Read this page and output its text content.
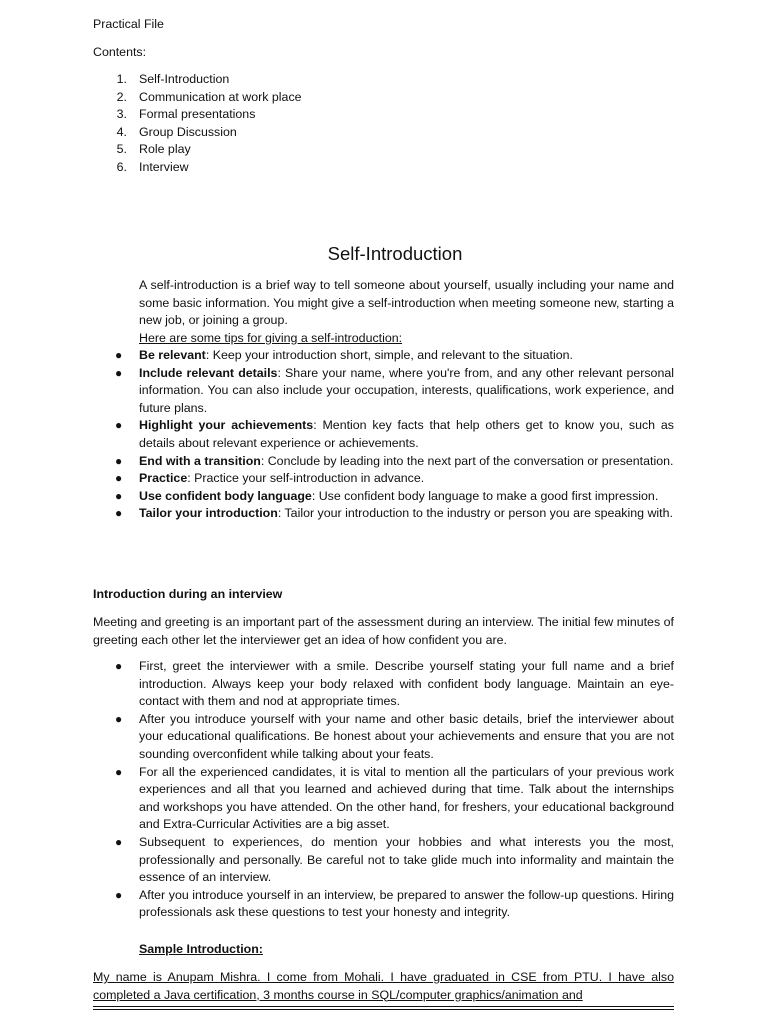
Practical File
Contents:
1. Self-Introduction
2. Communication at work place
3. Formal presentations
4. Group Discussion
5. Role play
6. Interview
Self-Introduction
A self-introduction is a brief way to tell someone about yourself, usually including your name and some basic information. You might give a self-introduction when meeting someone new, starting a new job, or joining a group.
Here are some tips for giving a self-introduction:
● Be relevant: Keep your introduction short, simple, and relevant to the situation.
● Include relevant details: Share your name, where you're from, and any other relevant personal information. You can also include your occupation, interests, qualifications, work experience, and future plans.
● Highlight your achievements: Mention key facts that help others get to know you, such as details about relevant experience or achievements.
● End with a transition: Conclude by leading into the next part of the conversation or presentation.
● Practice: Practice your self-introduction in advance.
● Use confident body language: Use confident body language to make a good first impression.
● Tailor your introduction: Tailor your introduction to the industry or person you are speaking with.
Introduction during an interview
Meeting and greeting is an important part of the assessment during an interview. The initial few minutes of greeting each other let the interviewer get an idea of how confident you are.
● First, greet the interviewer with a smile. Describe yourself stating your full name and a brief introduction. Always keep your body relaxed with confident body language. Maintain an eye-contact with them and nod at appropriate times.
● After you introduce yourself with your name and other basic details, brief the interviewer about your educational qualifications. Be honest about your achievements and ensure that you are not sounding overconfident while talking about your feats.
● For all the experienced candidates, it is vital to mention all the particulars of your previous work experiences and all that you learned and achieved during that time. Talk about the internships and workshops you have attended. On the other hand, for freshers, your educational background and Extra-Curricular Activities are a big asset.
● Subsequent to experiences, do mention your hobbies and what interests you the most, professionally and personally. Be careful not to take glide much into informality and maintain the essence of an interview.
● After you introduce yourself in an interview, be prepared to answer the follow-up questions. Hiring professionals ask these questions to test your honesty and integrity.
Sample Introduction:
My name is Anupam Mishra. I come from Mohali. I have graduated in CSE from PTU. I have also completed a Java certification, 3 months course in SQL/computer graphics/animation and
